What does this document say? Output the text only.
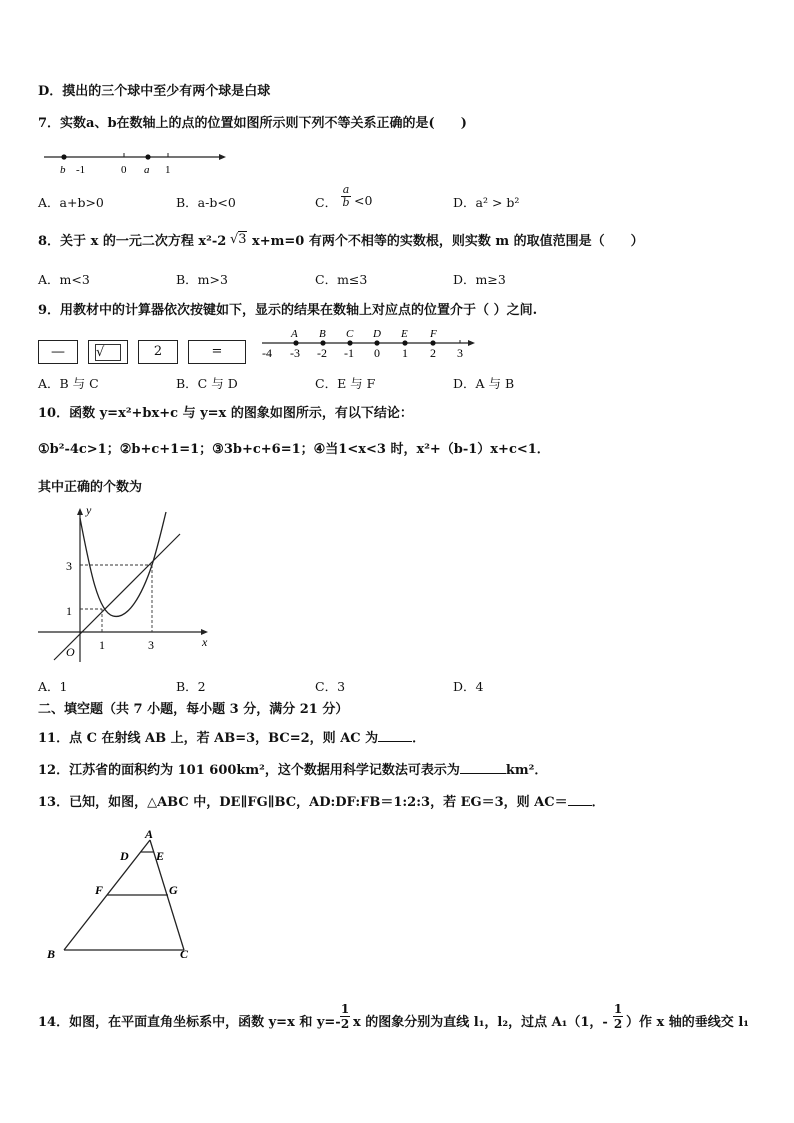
D．摸出的三个球中至少有两个球是白球
7．实数a、b在数轴上的点的位置如图所示则下列不等关系正确的是(　　)
b -1	0 a 1
A．a+b>0	B．a-b<0	C． $\frac{a}{b} <0$	D．a² > b²
8．关于 x 的一元二次方程 x²-2 √3 x+m=0 有两个不相等的实数根，则实数 m 的取值范围是（　　）
A．m<3	B．m>3	C．m≤3	D．m≥3
9．用教材中的计算器依次按键如下，显示的结果在数轴上对应点的位置介于（ ）之间.
—	√	2	=
A B C D E F
-4 -3 -2 -1 0 1 2 3
A．B 与 C	B．C 与 D	C．E 与 F	D．A 与 B
10．函数 y=x²+bx+c 与 y=x 的图象如图所示，有以下结论：
①b²-4c>1；②b+c+1=1；③3b+c+6=1；④当1<x<3 时，x²+（b-1）x+c<1．
其中正确的个数为
y
x
O
3
1
1	3
A．1	B．2	C．3	D．4
二、填空题（共 7 小题，每小题 3 分，满分 21 分）
11．点 C 在射线 AB 上，若 AB=3，BC=2，则 AC 为	．
12．江苏省的面积约为 101 600km²，这个数据用科学记数法可表示为	km²．
13．已知，如图，△ABC 中，DE∥FG∥BC，AD:DF:FB＝1:2:3，若 EG＝3，则 AC＝ ．
A
D E
F	G
B	C
14．如图，在平面直角坐标系中，函数 y=x 和 $y=- \frac{1}{2}$ x 的图象分别为直线 l₁，l₂，过点 A₁（1，- $\frac{1}{2}$ ）作 x 轴的垂线交 l₁
